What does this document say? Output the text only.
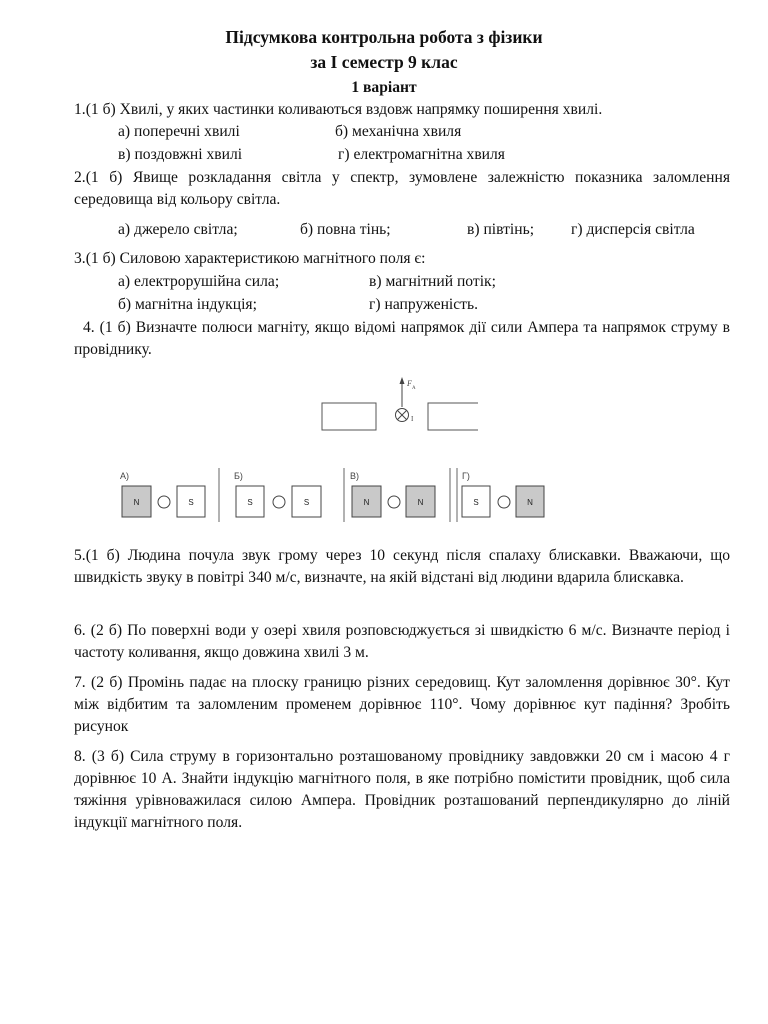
Підсумкова контрольна робота з фізики

за І семестр 9 клас

1 варіант

1.(1 б) Хвилі, у яких частинки коливаються вздовж напрямку поширення хвилі.

а) поперечні хвилі	б) механічна хвиля
в) поздовжні хвилі	г) електромагнітна хвиля

2.(1 б) Явище розкладання світла у спектр, зумовлене залежністю показника заломлення середовища від кольору світла.

а) джерело світла;	б) повна тінь;	в) півтінь; г) дисперсія світла

3.(1 б) Силовою характеристикою магнітного поля є:

а) електрорушійна сила;	в) магнітний потік;
б) магнітна індукція;	г) напруженість.

4. (1 б) Визначте полюси магніту, якщо відомі напрямок дії сили Ампера та напрямок струму в провіднику.

F
A
I
А)
N	S
Б)
S	S
В)
N	N
Г)
S	N

5.(1 б) Людина почула звук грому через 10 секунд після спалаху блискавки. Вважаючи, що швидкість звуку в повітрі 340 м/с, визначте, на якій відстані від людини вдарила блискавка.

6. (2 б) По поверхні води у озері хвиля розповсюджується зі швидкістю 6 м/с. Визначте період і частоту коливання, якщо довжина хвилі 3 м.

7. (2 б) Промінь падає на плоску границю різних середовищ. Кут заломлення дорівнює 30°. Кут між відбитим та заломленим променем дорівнює 110°. Чому дорівнює кут падіння? Зробіть рисунок

8. (3 б) Сила струму в горизонтально розташованому провіднику завдовжки 20 см і масою 4 г дорівнює 10 А. Знайти індукцію магнітного поля, в яке потрібно помістити провідник, щоб сила тяжіння урівноважилася силою Ампера. Провідник розташований перпендикулярно до ліній індукції магнітного поля.
